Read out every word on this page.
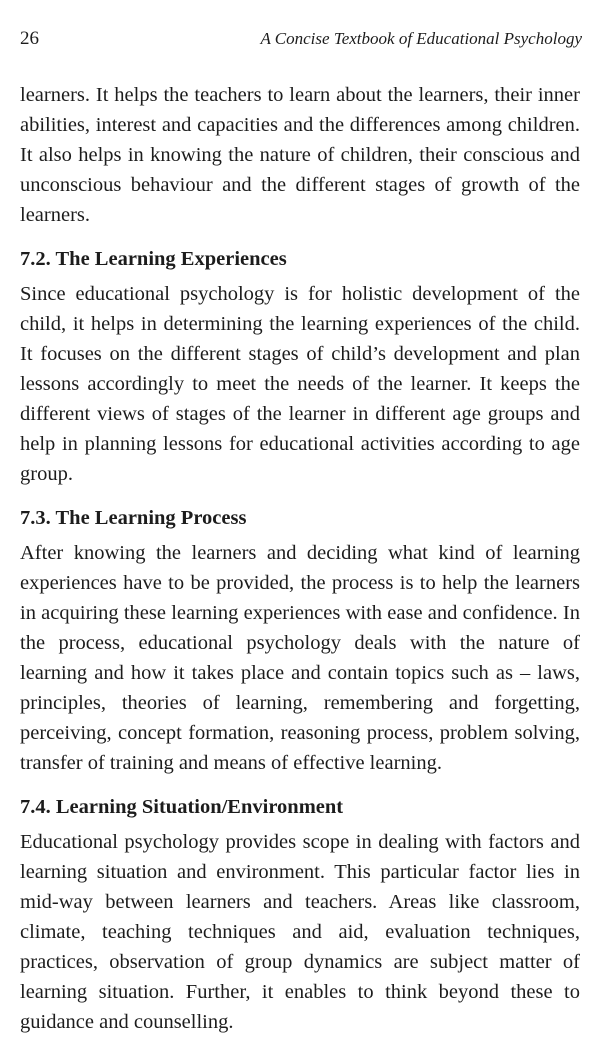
26	A Concise Textbook of Educational Psychology

learners. It helps the teachers to learn about the learners, their inner abilities, interest and capacities and the differences among children. It also helps in knowing the nature of children, their conscious and unconscious behaviour and the different stages of growth of the learners.

7.2. The Learning Experiences

Since educational psychology is for holistic development of the child, it helps in determining the learning experiences of the child. It focuses on the different stages of child’s development and plan lessons accordingly to meet the needs of the learner. It keeps the different views of stages of the learner in different age groups and help in planning lessons for educational activities according to age group.

7.3. The Learning Process

After knowing the learners and deciding what kind of learning experiences have to be provided, the process is to help the learners in acquiring these learning experiences with ease and confidence. In the process, educational psychology deals with the nature of learning and how it takes place and contain topics such as – laws, principles, theories of learning, remembering and forgetting, perceiving, concept formation, reasoning process, problem solving, transfer of training and means of effective learning.

7.4. Learning Situation/Environment

Educational psychology provides scope in dealing with factors and learning situation and environment. This particular factor lies in mid-way between learners and teachers. Areas like classroom, climate, teaching techniques and aid, evaluation techniques, practices, observation of group dynamics are subject matter of learning situation. Further, it enables to think beyond these to guidance and counselling.
